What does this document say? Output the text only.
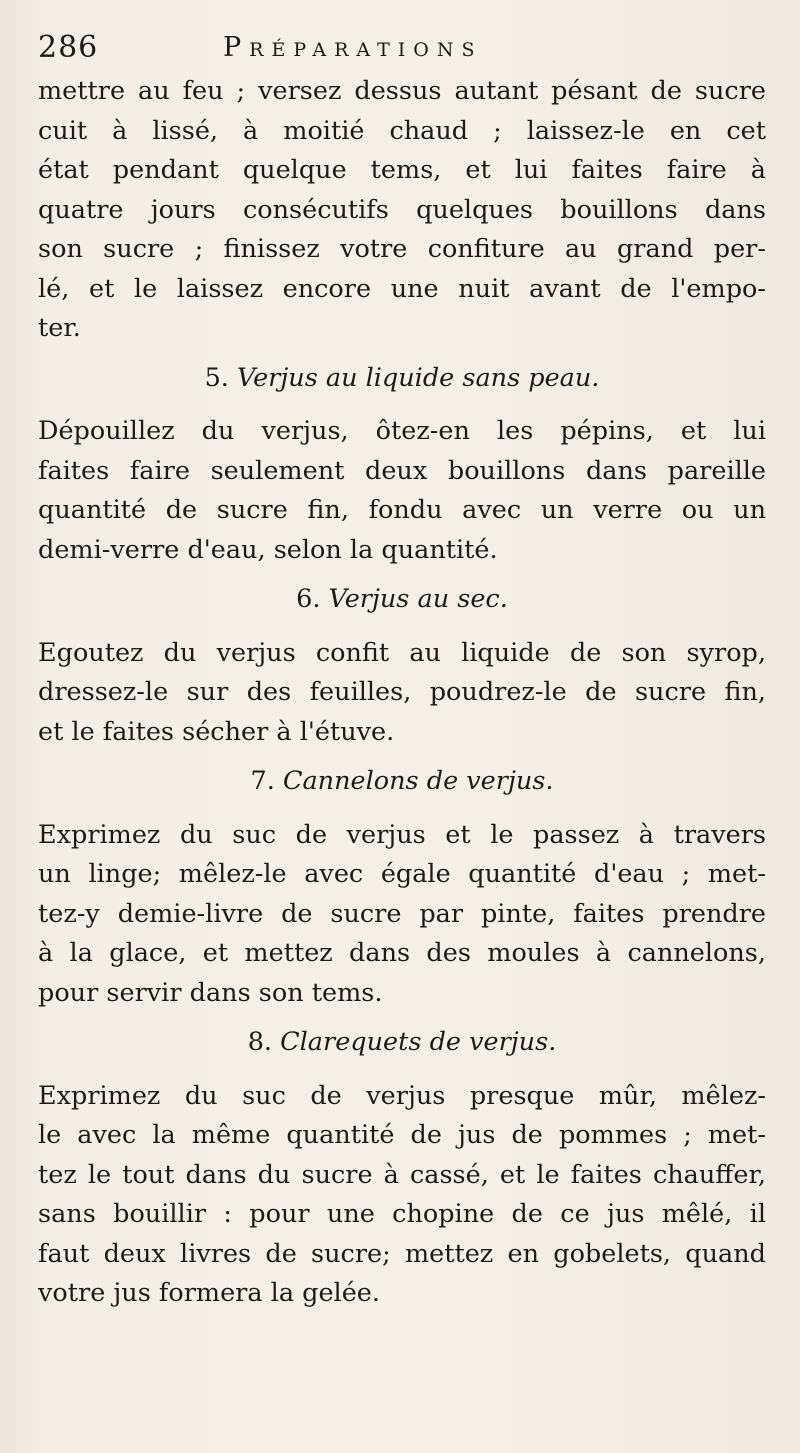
286	Préparations
mettre au feu ; versez dessus autant pésant de sucre
cuit à lissé, à moitié chaud ; laissez-le en cet
état pendant quelque tems, et lui faites faire à
quatre jours consécutifs quelques bouillons dans
son sucre ; finissez votre confiture au grand per-
lé, et le laissez encore une nuit avant de l'empo-
ter.
5. Verjus au liquide sans peau.
Dépouillez du verjus, ôtez-en les pépins, et lui
faites faire seulement deux bouillons dans pareille
quantité de sucre fin, fondu avec un verre ou un
demi-verre d'eau, selon la quantité.
6. Verjus au sec.
Egoutez du verjus confit au liquide de son syrop,
dressez-le sur des feuilles, poudrez-le de sucre fin,
et le faites sécher à l'étuve.
7. Cannelons de verjus.
Exprimez du suc de verjus et le passez à travers
un linge; mêlez-le avec égale quantité d'eau ; met-
tez-y demie-livre de sucre par pinte, faites prendre
à la glace, et mettez dans des moules à cannelons,
pour servir dans son tems.
8. Clarequets de verjus.
Exprimez du suc de verjus presque mûr, mêlez-
le avec la même quantité de jus de pommes ; met-
tez le tout dans du sucre à cassé, et le faites chauffer,
sans bouillir : pour une chopine de ce jus mêlé, il
faut deux livres de sucre; mettez en gobelets, quand
votre jus formera la gelée.
